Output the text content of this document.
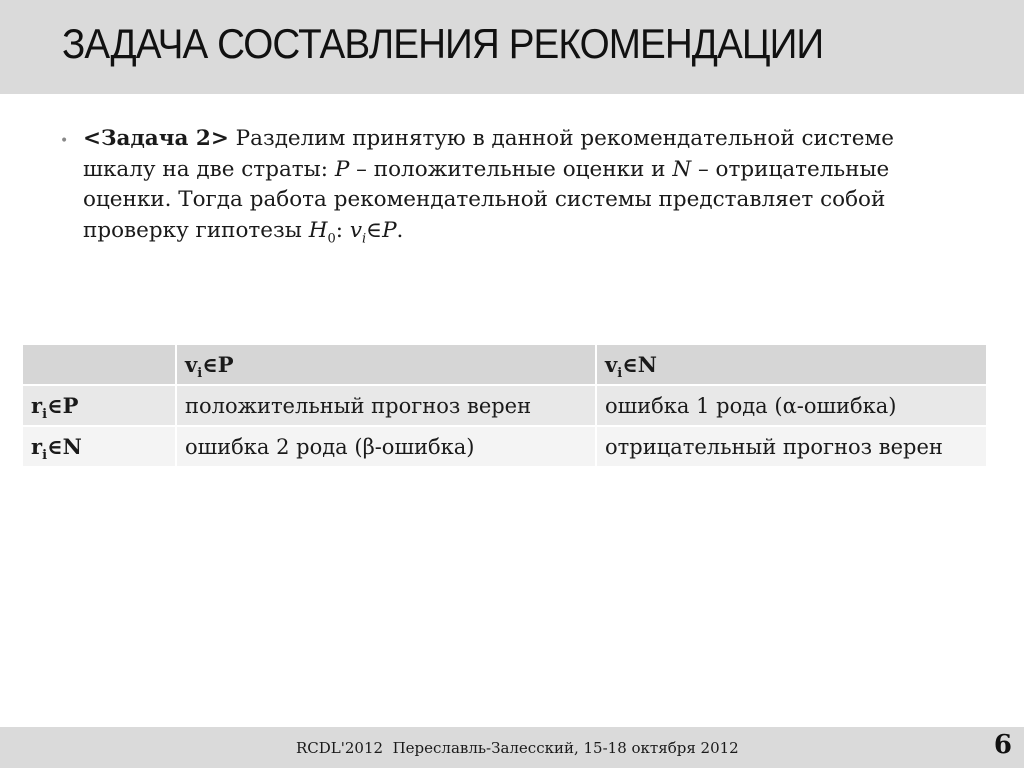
ЗАДАЧА СОСТАВЛЕНИЯ РЕКОМЕНДАЦИИ
• <Задача 2> Разделим принятую в данной рекомендательной системе шкалу на две страты: P – положительные оценки и N – отрицательные оценки. Тогда работа рекомендательной системы представляет собой проверку гипотезы $H_0$: $v_i\in P$.
	$v_i\in P$	$v_i\in N$
$r_i\in P$	положительный прогноз верен	ошибка 1 рода (α-ошибка)
$r_i\in N$	ошибка 2 рода (β-ошибка)	отрицательный прогноз верен
RCDL'2012  Переславль-Залесский, 15-18 октября 2012	6
